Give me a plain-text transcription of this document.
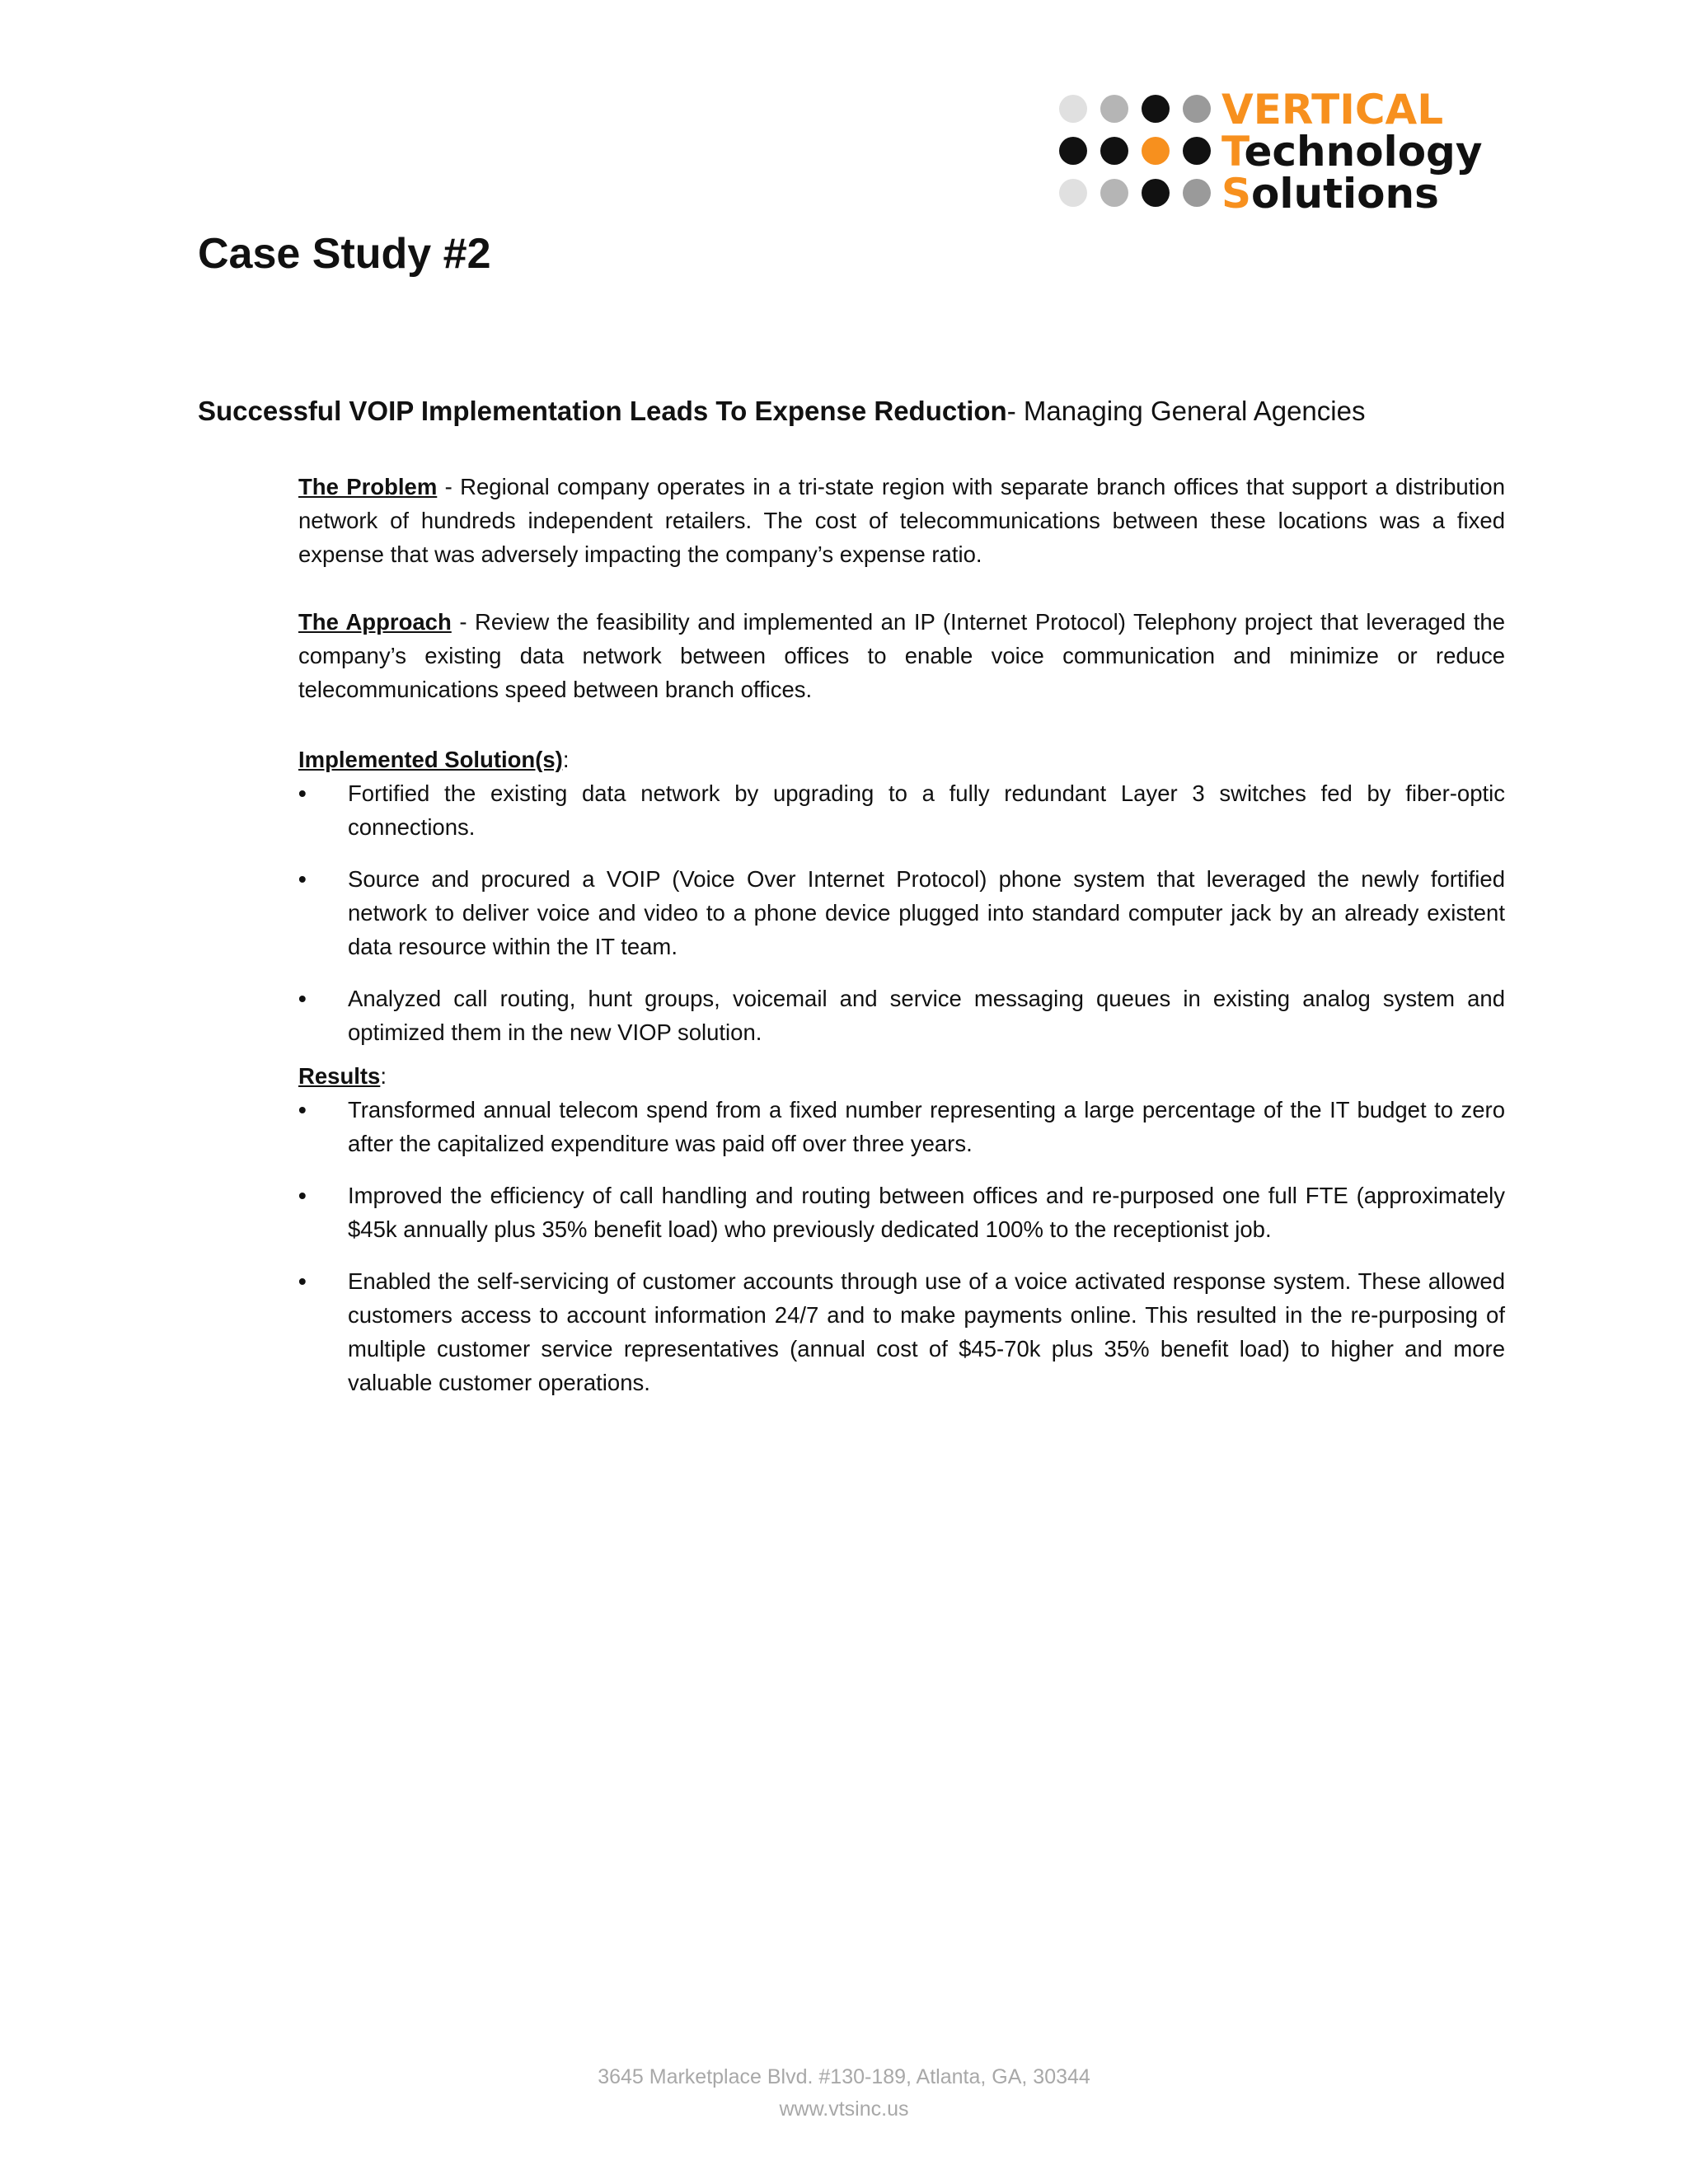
VERTICAL
Technology
Solutions
Case Study #2

Successful VOIP Implementation Leads To Expense Reduction- Managing General Agencies

The Problem - Regional company operates in a tri-state region with separate branch offices that support a distribution network of hundreds independent retailers. The cost of telecommunications between these locations was a fixed expense that was adversely impacting the company’s expense ratio.

The Approach - Review the feasibility and implemented an IP (Internet Protocol) Telephony project that leveraged the company’s existing data network between offices to enable voice communication and minimize or reduce telecommunications speed between branch offices.

Implemented Solution(s):

• Fortified the existing data network by upgrading to a fully redundant Layer 3 switches fed by fiber-optic connections.
• Source and procured a VOIP (Voice Over Internet Protocol) phone system that leveraged the newly fortified network to deliver voice and video to a phone device plugged into standard computer jack by an already existent data resource within the IT team.
• Analyzed call routing, hunt groups, voicemail and service messaging queues in existing analog system and optimized them in the new VIOP solution.

Results:

• Transformed annual telecom spend from a fixed number representing a large percentage of the IT budget to zero after the capitalized expenditure was paid off over three years.
• Improved the efficiency of call handling and routing between offices and re-purposed one full FTE (approximately $45k annually plus 35% benefit load) who previously dedicated 100% to the receptionist job.
• Enabled the self-servicing of customer accounts through use of a voice activated response system. These allowed customers access to account information 24/7 and to make payments online. This resulted in the re-purposing of multiple customer service representatives (annual cost of $45-70k plus 35% benefit load) to higher and more valuable customer operations.
3645 Marketplace Blvd. #130-189, Atlanta, GA, 30344
www.vtsinc.us
